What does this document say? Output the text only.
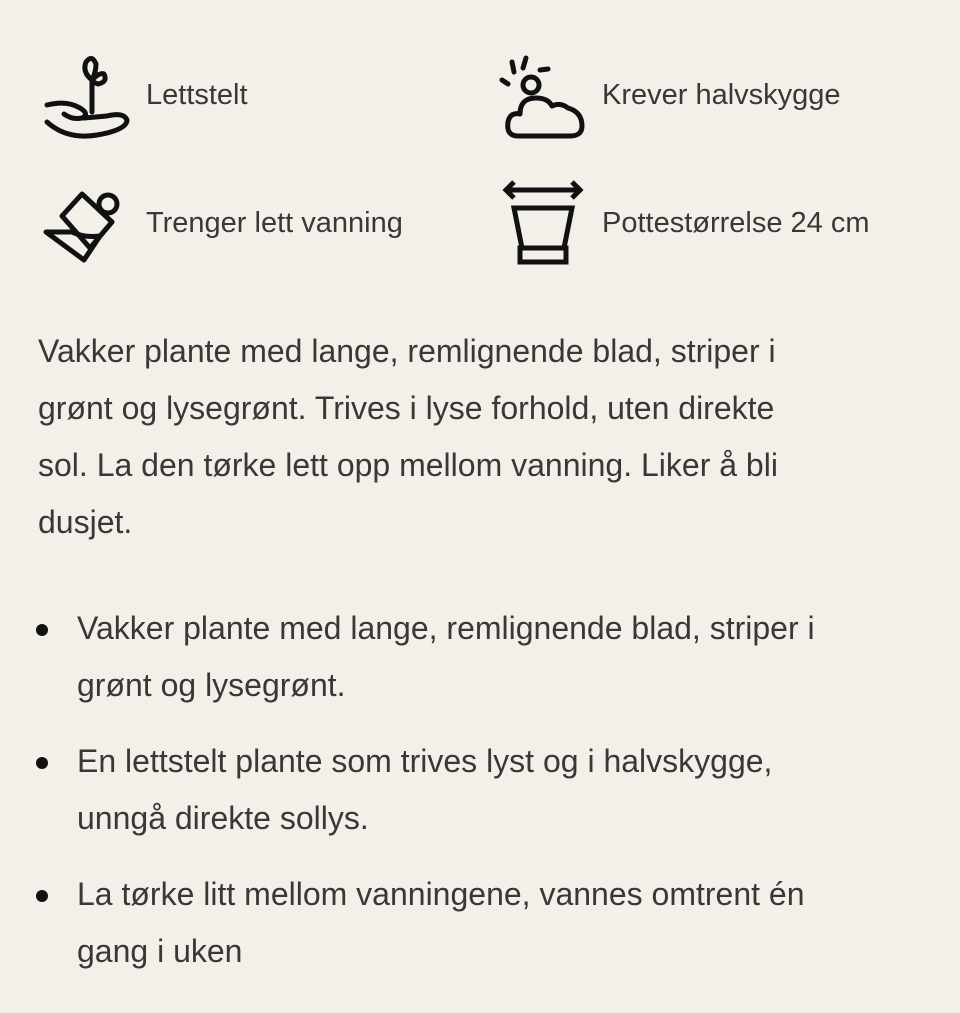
Lettstelt	Krever halvskygge
Trenger lett vanning	Pottestørrelse 24 cm
Vakker plante med lange, remlignende blad, striper i
grønt og lysegrønt. Trives i lyse forhold, uten direkte
sol. La den tørke lett opp mellom vanning. Liker å bli
dusjet.
Vakker plante med lange, remlignende blad, striper i
grønt og lysegrønt.
En lettstelt plante som trives lyst og i halvskygge,
unngå direkte sollys.
La tørke litt mellom vanningene, vannes omtrent én
gang i uken
